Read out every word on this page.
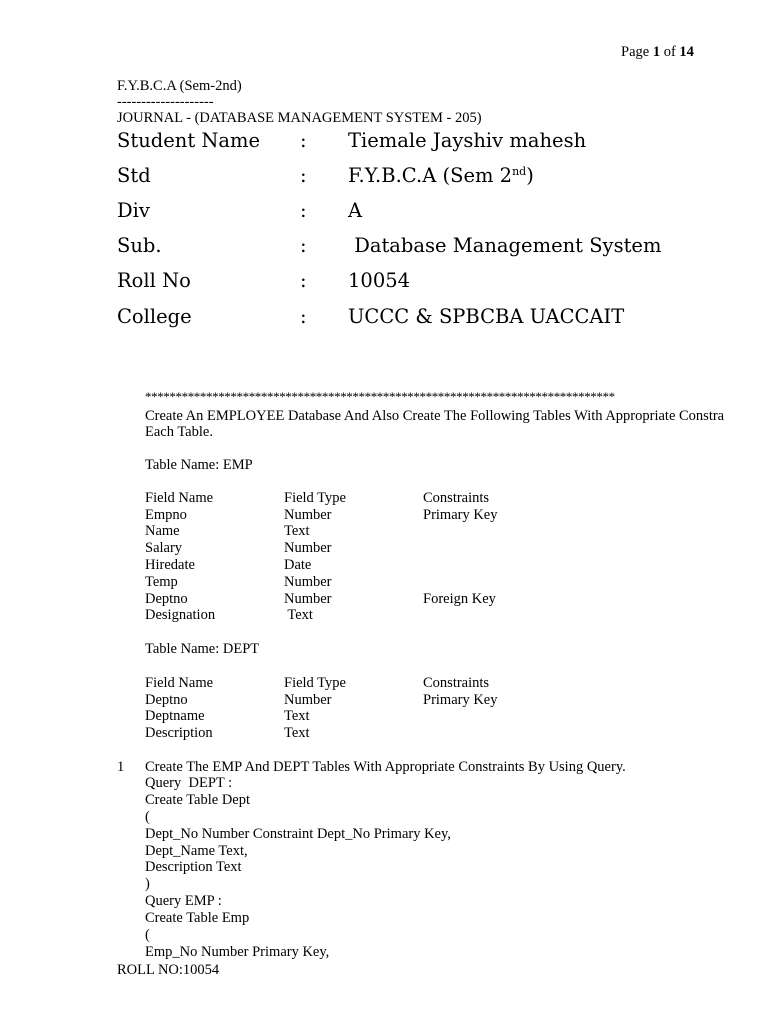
Page 1 of 14
F.Y.B.C.A (Sem-2nd)
--------------------
JOURNAL - (DATABASE MANAGEMENT SYSTEM - 205)
Student Name : Tiemale Jayshiv mahesh
Std	: F.Y.B.C.A (Sem 2nd)
Div	: A
Sub.	: Database Management System
Roll No	: 10054
College	: UCCC & SPBCBA UACCAIT
*****************************************************************************
Create An EMPLOYEE Database And Also Create The Following Tables With Appropriate Constra
Each Table.
Table Name: EMP
Field Name	Field Type	Constraints
Empno	Number	Primary Key
Name	Text
Salary	Number
Hiredate	Date
Temp	Number
Deptno	Number	Foreign Key
Designation	Text
Table Name: DEPT
Field Name	Field Type	Constraints
Deptno	Number	Primary Key
Deptname	Text
Description	Text
1 Create The EMP And DEPT Tables With Appropriate Constraints By Using Query.
Query  DEPT :
Create Table Dept
(
Dept_No Number Constraint Dept_No Primary Key,
Dept_Name Text,
Description Text
)
Query EMP :
Create Table Emp
(
Emp_No Number Primary Key,
ROLL NO:10054
